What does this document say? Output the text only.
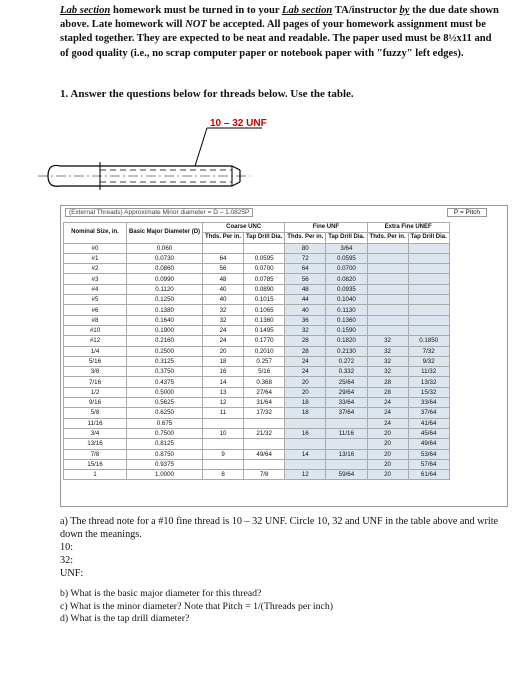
Lab section homework must be turned in to your Lab section TA/instructor by the due date shown above. Late homework will NOT be accepted. All pages of your homework assignment must be stapled together. They are expected to be neat and readable. The paper used must be 8½x11 and of good quality (i.e., no scrap computer paper or notebook paper with "fuzzy" left edges).
1. Answer the questions below for threads below. Use the table.
10 – 32 UNF
(External Threads) Approximate Minor diameter = D – 1.0825P	P = Pitch
Nominal Size, in.	Basic Major Diameter (D)	Coarse UNC		Fine UNF		Extra Fine UNEF	
		Thds. Per in.	Tap Drill Dia.	Thds. Per in.	Tap Drill Dia.	Thds. Per in.	Tap Drill Dia.
#0	0.060			80	3/64		
#1	0.0730	64	0.0595	72	0.0595		
#2	0.0860	56	0.0700	64	0.0700		
#3	0.0990	48	0.0785	56	0.0820		
#4	0.1120	40	0.0890	48	0.0935		
#5	0.1250	40	0.1015	44	0.1040		
#6	0.1380	32	0.1065	40	0.1130		
#8	0.1640	32	0.1360	36	0.1360		
#10	0.1900	24	0.1495	32	0.1590		
#12	0.2160	24	0.1770	28	0.1820	32	0.1850
1/4	0.2500	20	0.2010	28	0.2130	32	7/32
5/16	0.3125	18	0.257	24	0.272	32	9/32
3/8	0.3750	16	5/16	24	0.332	32	11/32
7/16	0.4375	14	0.368	20	25/64	28	13/32
1/2	0.5000	13	27/64	20	29/64	28	15/32
9/16	0.5625	12	31/64	18	33/64	24	33/64
5/8	0.6250	11	17/32	18	37/64	24	37/64
11/16	0.675					24	41/64
3/4	0.7500	10	21/32	16	11/16	20	45/64
13/16	0.8125					20	49/64
7/8	0.8750	9	49/64	14	13/16	20	53/64
15/16	0.9375					20	57/64
1	1.0000	8	7/8	12	59/64	20	61/64

a) The thread note for a #10 fine thread is 10 – 32 UNF. Circle 10, 32 and UNF in the table above and write down the meanings.

10:

32:

UNF:

b) What is the basic major diameter for this thread?

c) What is the minor diameter? Note that Pitch = 1/(Threads per inch)

d) What is the tap drill diameter?
